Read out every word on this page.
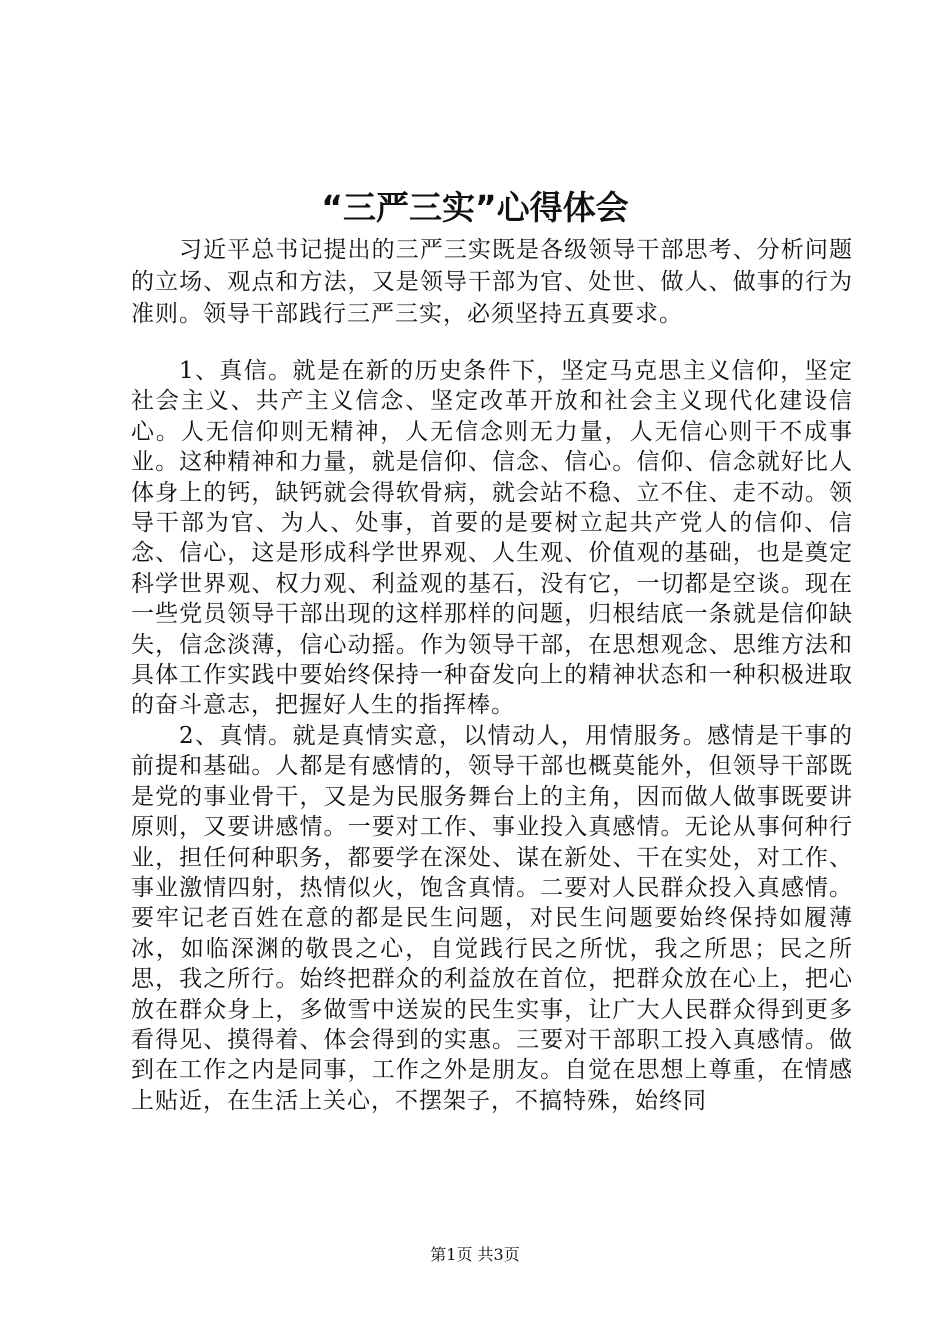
“三严三实”心得体会

习近平总书记提出的三严三实既是各级领导干部思考、分析问题的立场、观点和方法，又是领导干部为官、处世、做人、做事的行为准则。领导干部践行三严三实，必须坚持五真要求。

1、真信。就是在新的历史条件下，坚定马克思主义信仰，坚定社会主义、共产主义信念、坚定改革开放和社会主义现代化建设信心。人无信仰则无精神，人无信念则无力量，人无信心则干不成事业。这种精神和力量，就是信仰、信念、信心。信仰、信念就好比人体身上的钙，缺钙就会得软骨病，就会站不稳、立不住、走不动。领导干部为官、为人、处事，首要的是要树立起共产党人的信仰、信念、信心，这是形成科学世界观、人生观、价值观的基础，也是奠定科学世界观、权力观、利益观的基石，没有它，一切都是空谈。现在一些党员领导干部出现的这样那样的问题，归根结底一条就是信仰缺失，信念淡薄，信心动摇。作为领导干部，在思想观念、思维方法和具体工作实践中要始终保持一种奋发向上的精神状态和一种积极进取的奋斗意志，把握好人生的指挥棒。

2、真情。就是真情实意，以情动人，用情服务。感情是干事的前提和基础。人都是有感情的，领导干部也概莫能外，但领导干部既是党的事业骨干，又是为民服务舞台上的主角，因而做人做事既要讲原则，又要讲感情。一要对工作、事业投入真感情。无论从事何种行业，担任何种职务，都要学在深处、谋在新处、干在实处，对工作、事业激情四射，热情似火，饱含真情。二要对人民群众投入真感情。要牢记老百姓在意的都是民生问题，对民生问题要始终保持如履薄冰，如临深渊的敬畏之心，自觉践行民之所忧，我之所思；民之所思，我之所行。始终把群众的利益放在首位，把群众放在心上，把心放在群众身上，多做雪中送炭的民生实事，让广大人民群众得到更多看得见、摸得着、体会得到的实惠。三要对干部职工投入真感情。做到在工作之内是同事，工作之外是朋友。自觉在思想上尊重，在情感上贴近，在生活上关心，不摆架子，不搞特殊，始终同

第1页 共3页
